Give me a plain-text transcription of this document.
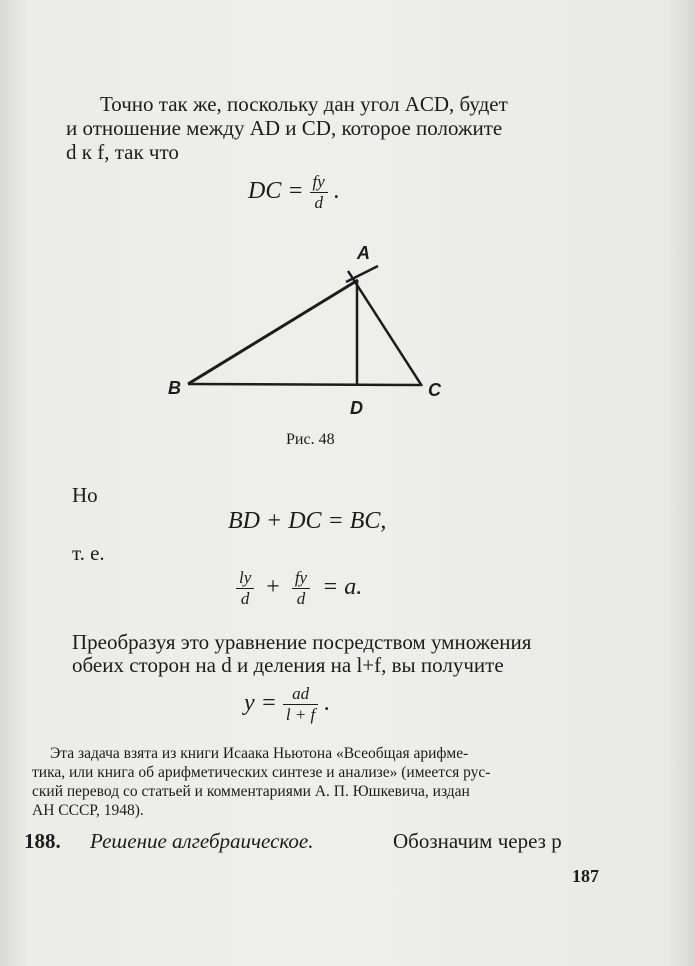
Точно так же, поскольку дан угол ACD, будет
и отношение между AD и CD, которое положите
d к f, так что
DC = $\frac{fy}{d}$ .
A
B	C
D
Рис. 48
Но
BD + DC = BC,
т. е.
$\frac{ly}{d} + \frac{fy}{d} = a$.
Преобразуя это уравнение посредством умножения
обеих сторон на d и деления на l+f, вы получите
$y = \frac{ad}{l + f}$ .
Эта задача взята из книги Исаака Ньютона «Всеобщая арифме-
тика, или книга об арифметических синтезе и анализе» (имеется рус-
ский перевод со статьей и комментариями А. П. Юшкевича, издан
АН СССР, 1948).
188. Решение алгебраическое.	Обозначим через p
187
